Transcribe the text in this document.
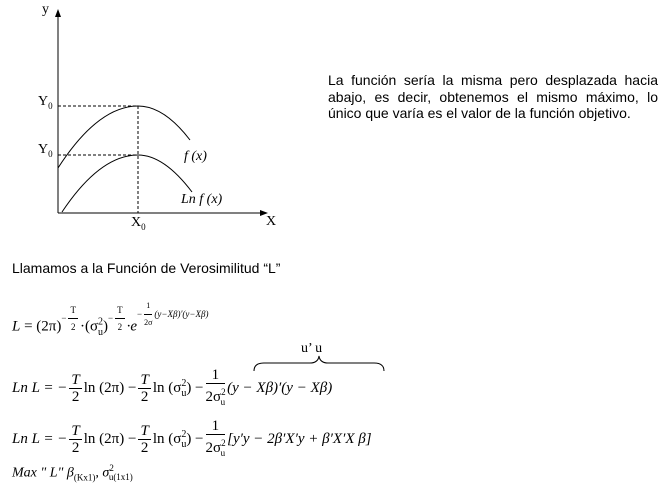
y
X
$Y_0$
$Y_0$
$X_0$
f (x)
Ln f (x)
La función sería la misma pero desplazada hacia abajo, es decir, obtenemos el mismo máximo, lo único que varía es el valor de la función objetivo.
Llamamos a la Función de Verosimilitud “L”
$L = (2\pi)^{- \frac{T}{2}} \cdot(\sigma^2_u)^{- \frac{T}{2}} \cdot e^{- \frac{1}{2\sigma} (y-X\beta)'(y-X\beta)}$
u’ u
Ln L = − $\frac{T}{2}$ $\ln (2\pi) - \frac{T}{2}$ $\ln (\sigma^2_u) - \frac{1}{2\sigma^2_u} (y - X\beta)'(y - X\beta)$
Ln L = − $\frac{T}{2}$ $\ln (2\pi) - \frac{T}{2}$ $\ln (\sigma^2_u) - \frac{1}{2\sigma^2_u} [y'y - 2\beta'X'y + \beta'X'X$ β]
Max " L" $\beta_{(Kx1)}$, $\sigma^2_{u(1x1)}$
